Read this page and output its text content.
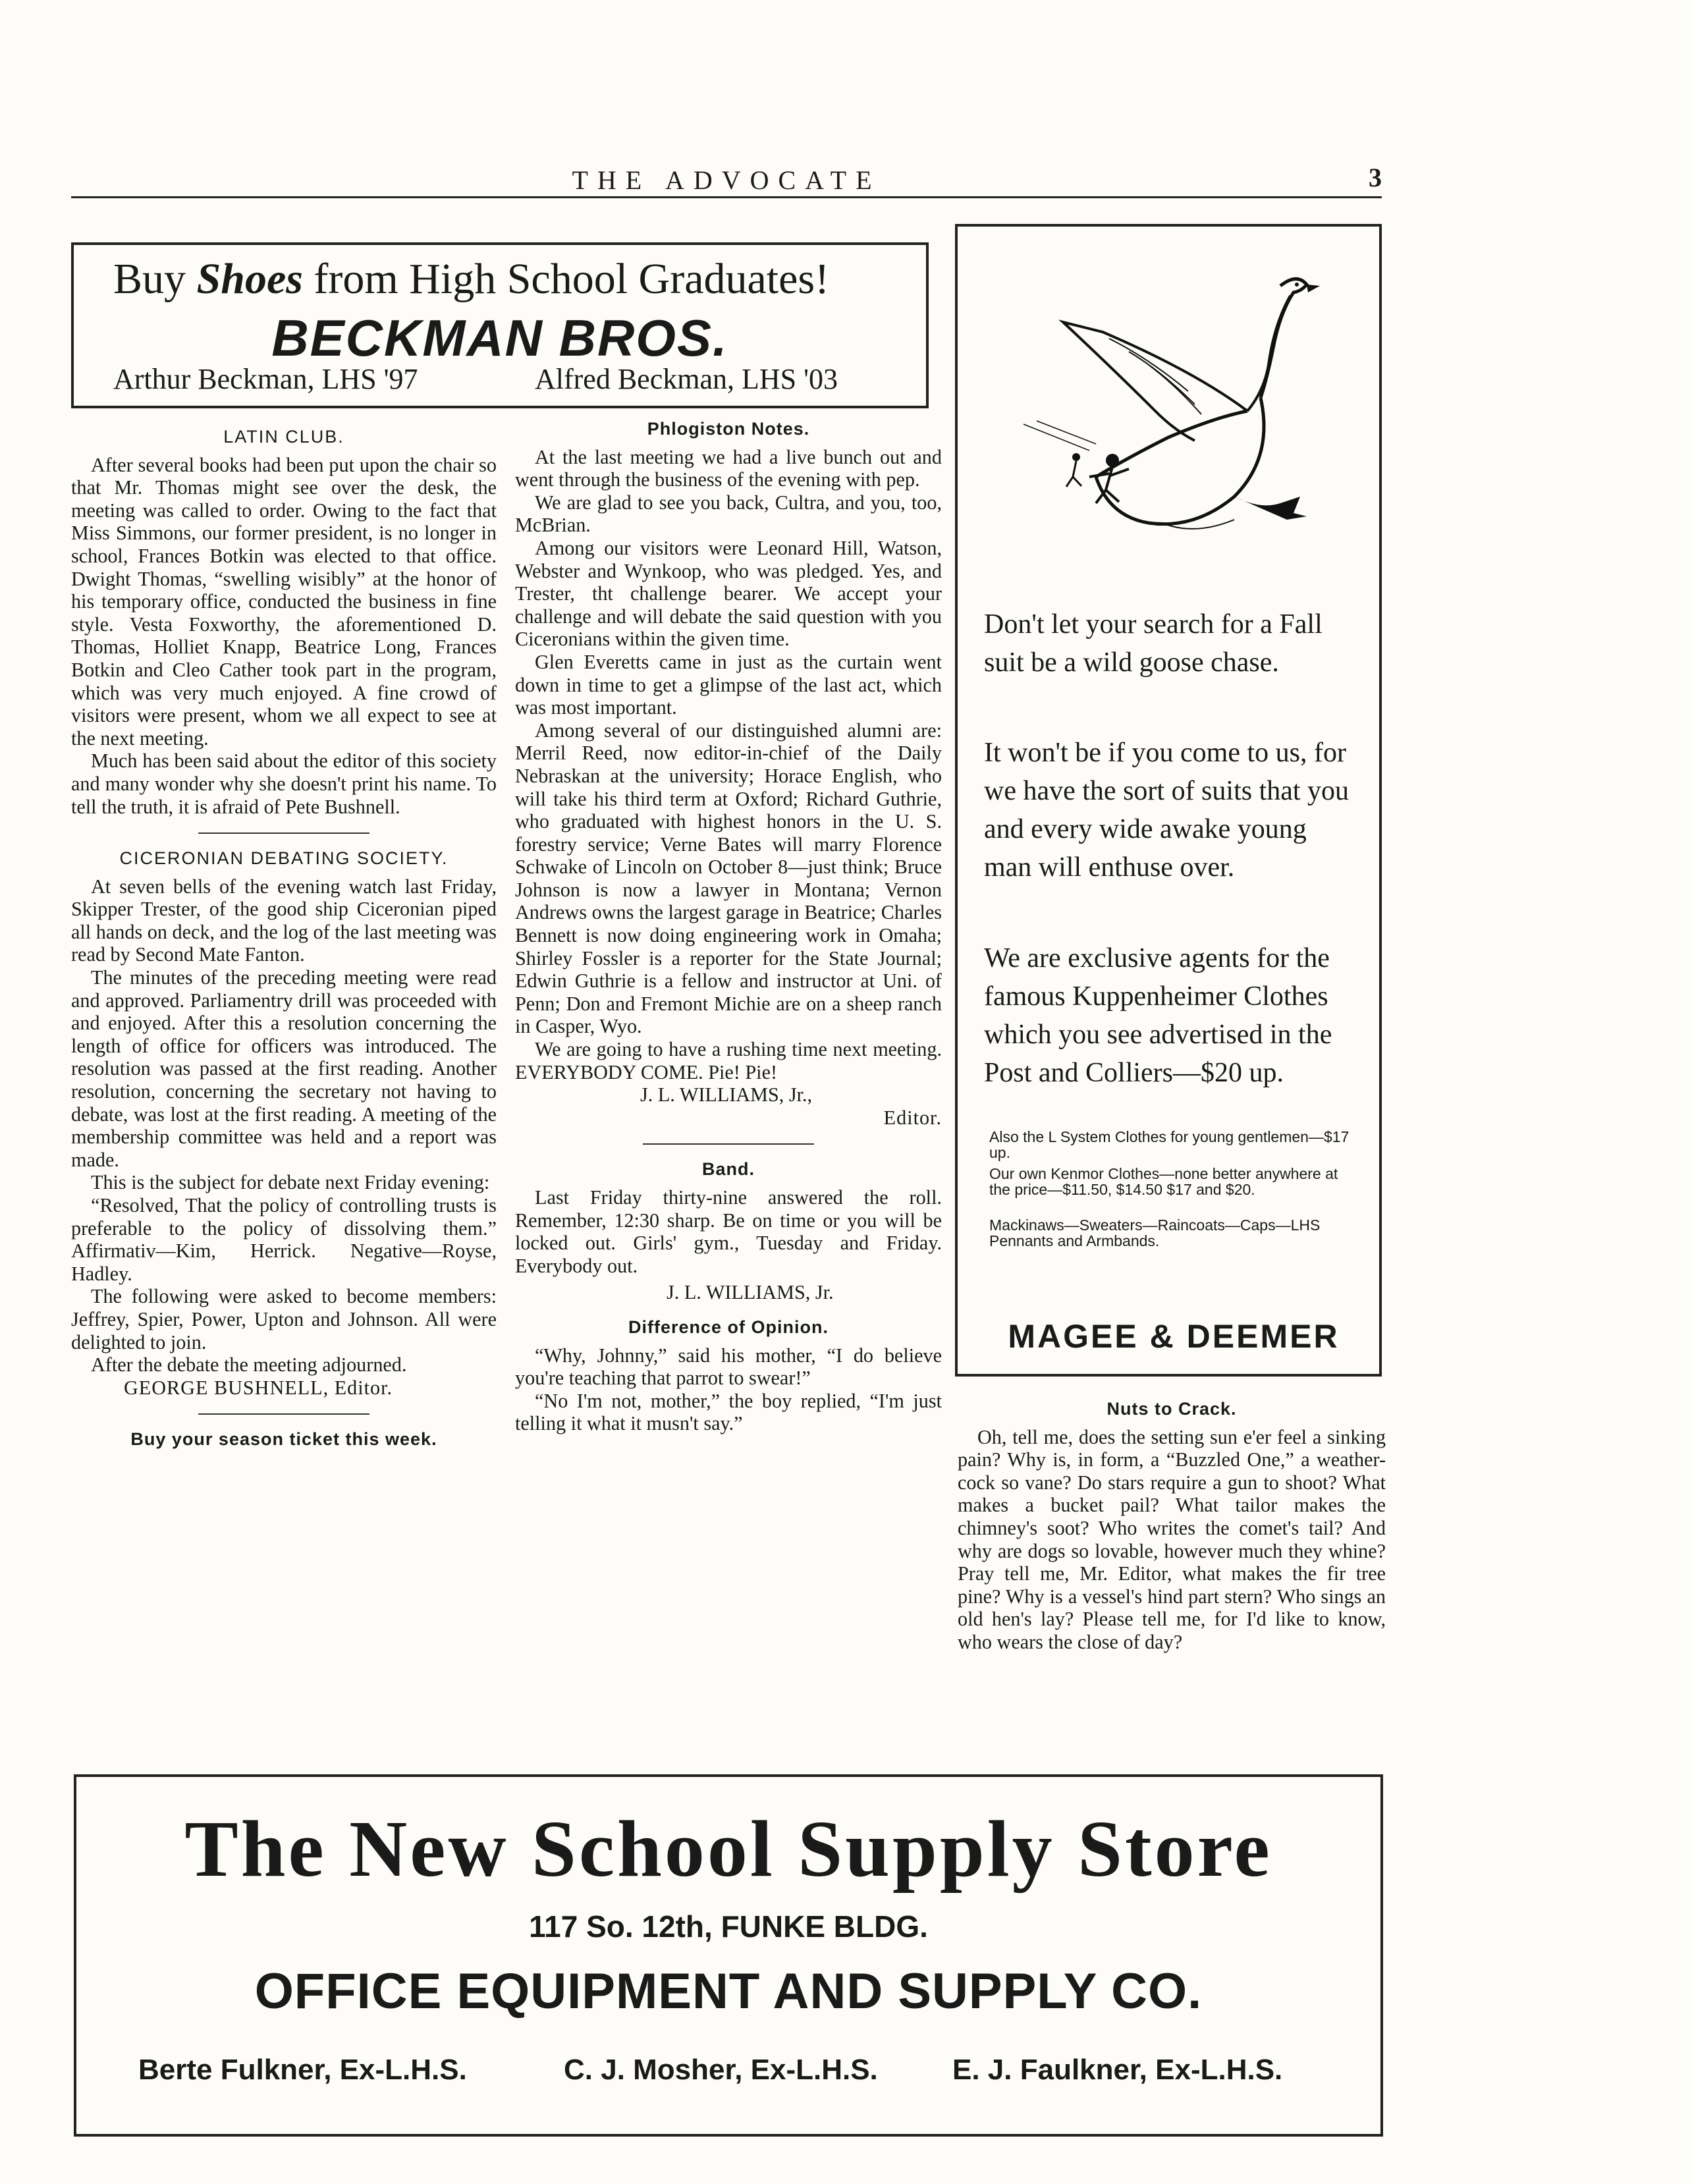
THE ADVOCATE	3
Buy Shoes from High School Graduates!
BECKMAN BROS.
Arthur Beckman, LHS '97	Alfred Beckman, LHS '03
LATIN CLUB.

After several books had been put upon the chair so that Mr. Thomas might see over the desk, the meeting was called to order. Owing to the fact that Miss Simmons, our former president, is no longer in school, Frances Botkin was elected to that office. Dwight Thomas, “swelling wisibly” at the honor of his temporary office, conducted the business in fine style. Vesta Foxworthy, the aforementioned D. Thomas, Holliet Knapp, Beatrice Long, Frances Botkin and Cleo Cather took part in the program, which was very much enjoyed. A fine crowd of visitors were present, whom we all expect to see at the next meeting.

Much has been said about the editor of this society and many wonder why she doesn't print his name. To tell the truth, it is afraid of Pete Bushnell.

CICERONIAN DEBATING SOCIETY.

At seven bells of the evening watch last Friday, Skipper Trester, of the good ship Ciceronian piped all hands on deck, and the log of the last meeting was read by Second Mate Fanton.

The minutes of the preceding meeting were read and approved. Parliamentry drill was proceeded with and enjoyed. After this a resolution concerning the length of office for officers was introduced. The resolution was passed at the first reading. Another resolution, concerning the secretary not having to debate, was lost at the first reading. A meeting of the membership committee was held and a report was made.

This is the subject for debate next Friday evening:

“Resolved, That the policy of controlling trusts is preferable to the policy of dissolving them.” Affirmativ—Kim, Herrick. Negative—Royse, Hadley.

The following were asked to become members: Jeffrey, Spier, Power, Upton and Johnson. All were delighted to join.

After the debate the meeting adjourned.

GEORGE BUSHNELL, Editor.

Buy your season ticket this week.
Phlogiston Notes.

At the last meeting we had a live bunch out and went through the business of the evening with pep.

We are glad to see you back, Cultra, and you, too, McBrian.

Among our visitors were Leonard Hill, Watson, Webster and Wynkoop, who was pledged. Yes, and Trester, tht challenge bearer. We accept your challenge and will debate the said question with you Ciceronians within the given time.

Glen Everetts came in just as the curtain went down in time to get a glimpse of the last act, which was most important.

Among several of our distinguished alumni are: Merril Reed, now editor-in-chief of the Daily Nebraskan at the university; Horace English, who will take his third term at Oxford; Richard Guthrie, who graduated with highest honors in the U. S. forestry service; Verne Bates will marry Florence Schwake of Lincoln on October 8—just think; Bruce Johnson is now a lawyer in Montana; Vernon Andrews owns the largest garage in Beatrice; Charles Bennett is now doing engineering work in Omaha; Shirley Fossler is a reporter for the State Journal; Edwin Guthrie is a fellow and instructor at Uni. of Penn; Don and Fremont Michie are on a sheep ranch in Casper, Wyo.

We are going to have a rushing time next meeting. EVERYBODY COME. Pie! Pie!

J. L. WILLIAMS, Jr.,

Editor.

Band.

Last Friday thirty-nine answered the roll. Remember, 12:30 sharp. Be on time or you will be locked out. Girls' gym., Tuesday and Friday. Everybody out.

J. L. WILLIAMS, Jr.

Difference of Opinion.

“Why, Johnny,” said his mother, “I do believe you're teaching that parrot to swear!”

“No I'm not, mother,” the boy replied, “I'm just telling it what it musn't say.”

Don't let your search for a Fall suit be a wild goose chase.
It won't be if you come to us, for we have the sort of suits that you and every wide awake young man will enthuse over.
We are exclusive agents for the famous Kuppenheimer Clothes which you see advertised in the Post and Colliers—$20 up.
Also the L System Clothes for young gentlemen—$17 up.
Our own Kenmor Clothes—none better anywhere at the price—$11.50, $14.50 $17 and $20.
Mackinaws—Sweaters—Raincoats—Caps—LHS Pennants and Armbands.
MAGEE & DEEMER
Nuts to Crack.

Oh, tell me, does the setting sun e'er feel a sinking pain? Why is, in form, a “Buzzled One,” a weather-cock so vane? Do stars require a gun to shoot? What makes a bucket pail? What tailor makes the chimney's soot? Who writes the comet's tail? And why are dogs so lovable, however much they whine? Pray tell me, Mr. Editor, what makes the fir tree pine? Why is a vessel's hind part stern? Who sings an old hen's lay? Please tell me, for I'd like to know, who wears the close of day?

The New School Supply Store
117 So. 12th, FUNKE BLDG.
OFFICE EQUIPMENT AND SUPPLY CO.
Berte Fulkner, Ex-L.H.S.	C. J. Mosher, Ex-L.H.S.	E. J. Faulkner, Ex-L.H.S.
